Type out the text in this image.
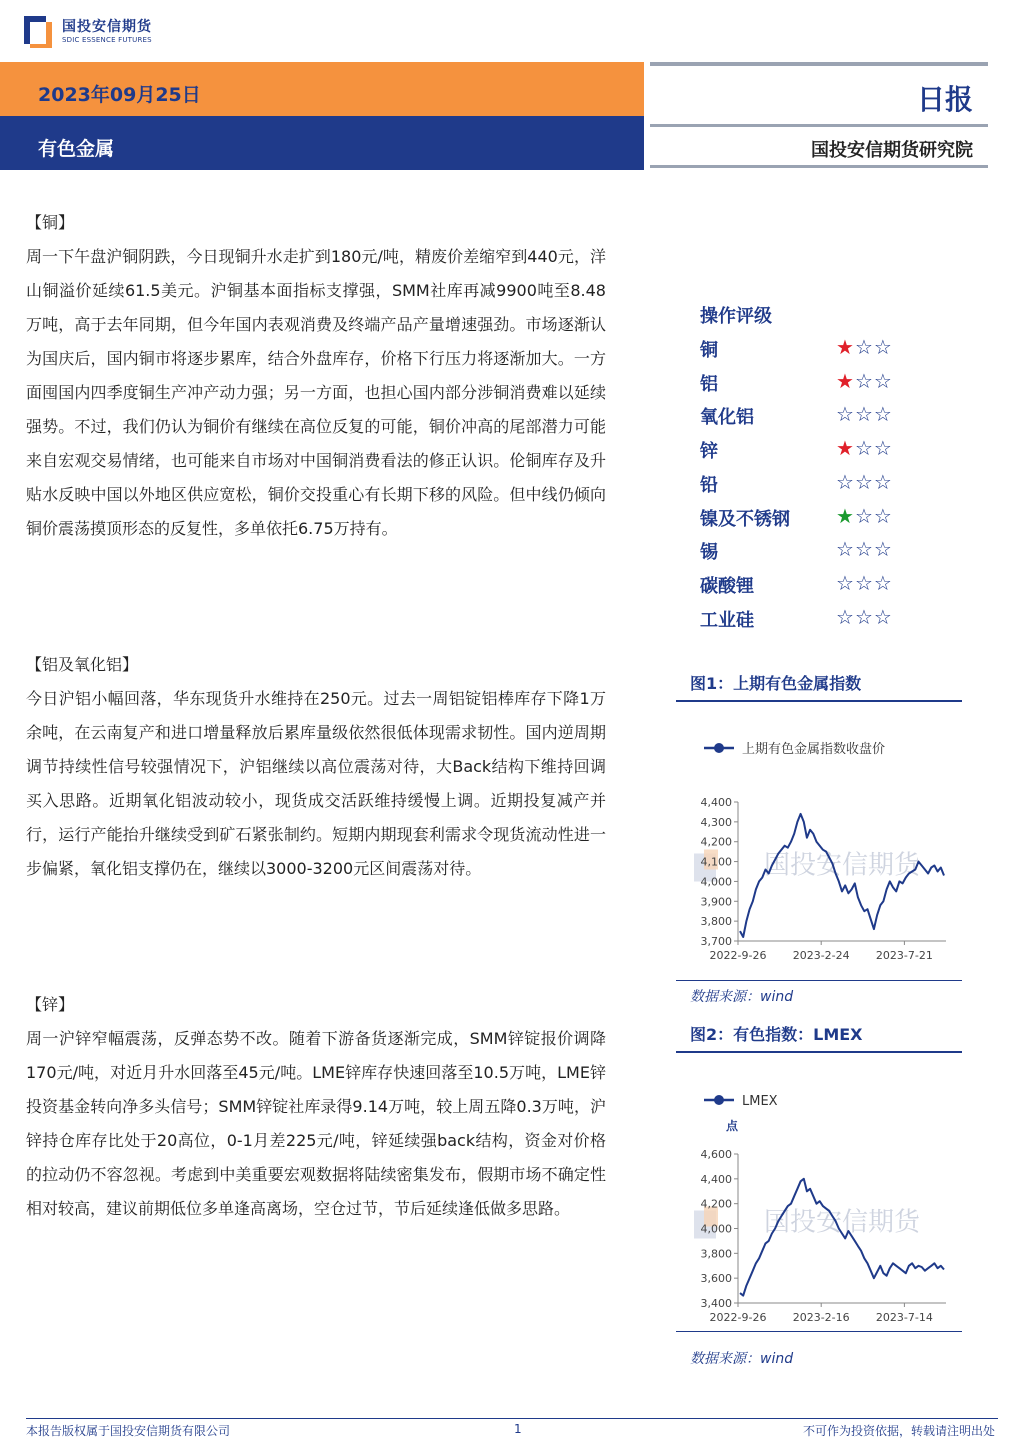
国投安信期货
SDIC ESSENCE FUTURES
2023年09月25日
有色金属
日报
国投安信期货研究院
【铜】
周一下午盘沪铜阴跌，今日现铜升水走扩到180元/吨，精废价差缩窄到440元，洋山铜溢价延续61.5美元。沪铜基本面指标支撑强，SMM社库再减9900吨至8.48万吨，高于去年同期，但今年国内表观消费及终端产品产量增速强劲。市场逐渐认为国庆后，国内铜市将逐步累库，结合外盘库存，价格下行压力将逐渐加大。一方面囤国内四季度铜生产冲产动力强；另一方面，也担心国内部分涉铜消费难以延续强势。不过，我们仍认为铜价有继续在高位反复的可能，铜价冲高的尾部潜力可能来自宏观交易情绪，也可能来自市场对中国铜消费看法的修正认识。伦铜库存及升贴水反映中国以外地区供应宽松，铜价交投重心有长期下移的风险。但中线仍倾向铜价震荡摸顶形态的反复性，多单依托6.75万持有。
【铝及氧化铝】
今日沪铝小幅回落，华东现货升水维持在250元。过去一周铝锭铝棒库存下降1万余吨，在云南复产和进口增量释放后累库量级依然很低体现需求韧性。国内逆周期调节持续性信号较强情况下，沪铝继续以高位震荡对待，大Back结构下维持回调买入思路。近期氧化铝波动较小，现货成交活跃维持缓慢上调。近期投复减产并行，运行产能抬升继续受到矿石紧张制约。短期内期现套利需求令现货流动性进一步偏紧，氧化铝支撑仍在，继续以3000-3200元区间震荡对待。
【锌】
周一沪锌窄幅震荡，反弹态势不改。随着下游备货逐渐完成，SMM锌锭报价调降170元/吨，对近月升水回落至45元/吨。LME锌库存快速回落至10.5万吨，LME锌投资基金转向净多头信号；SMM锌锭社库录得9.14万吨，较上周五降0.3万吨，沪锌持仓库存比处于20高位，0-1月差225元/吨，锌延续强back结构，资金对价格的拉动仍不容忽视。考虑到中美重要宏观数据将陆续密集发布，假期市场不确定性相对较高，建议前期低位多单逢高离场，空仓过节，节后延续逢低做多思路。
操作评级
铜	★☆☆
铝	★☆☆
氧化铝	☆☆☆
锌	★☆☆
铅	☆☆☆
镍及不锈钢 ★☆☆
锡	☆☆☆
碳酸锂	☆☆☆
工业硅	☆☆☆
图1：上期有色金属指数
上期有色金属指数收盘价
国投安信期货
4,400
4,300
4,200
4,100
4,000
3,900
3,800
3,700
2022-9-26 2023-2-24 2023-7-21
数据来源：wind
图2：有色指数：LMEX
LMEX
点
国投安信期货
4,600
4,400
4,200
4,000
3,800
3,600
3,400
2022-9-26 2023-2-16 2023-7-14
数据来源：wind
本报告版权属于国投安信期货有限公司	1	不可作为投资依据，转载请注明出处
